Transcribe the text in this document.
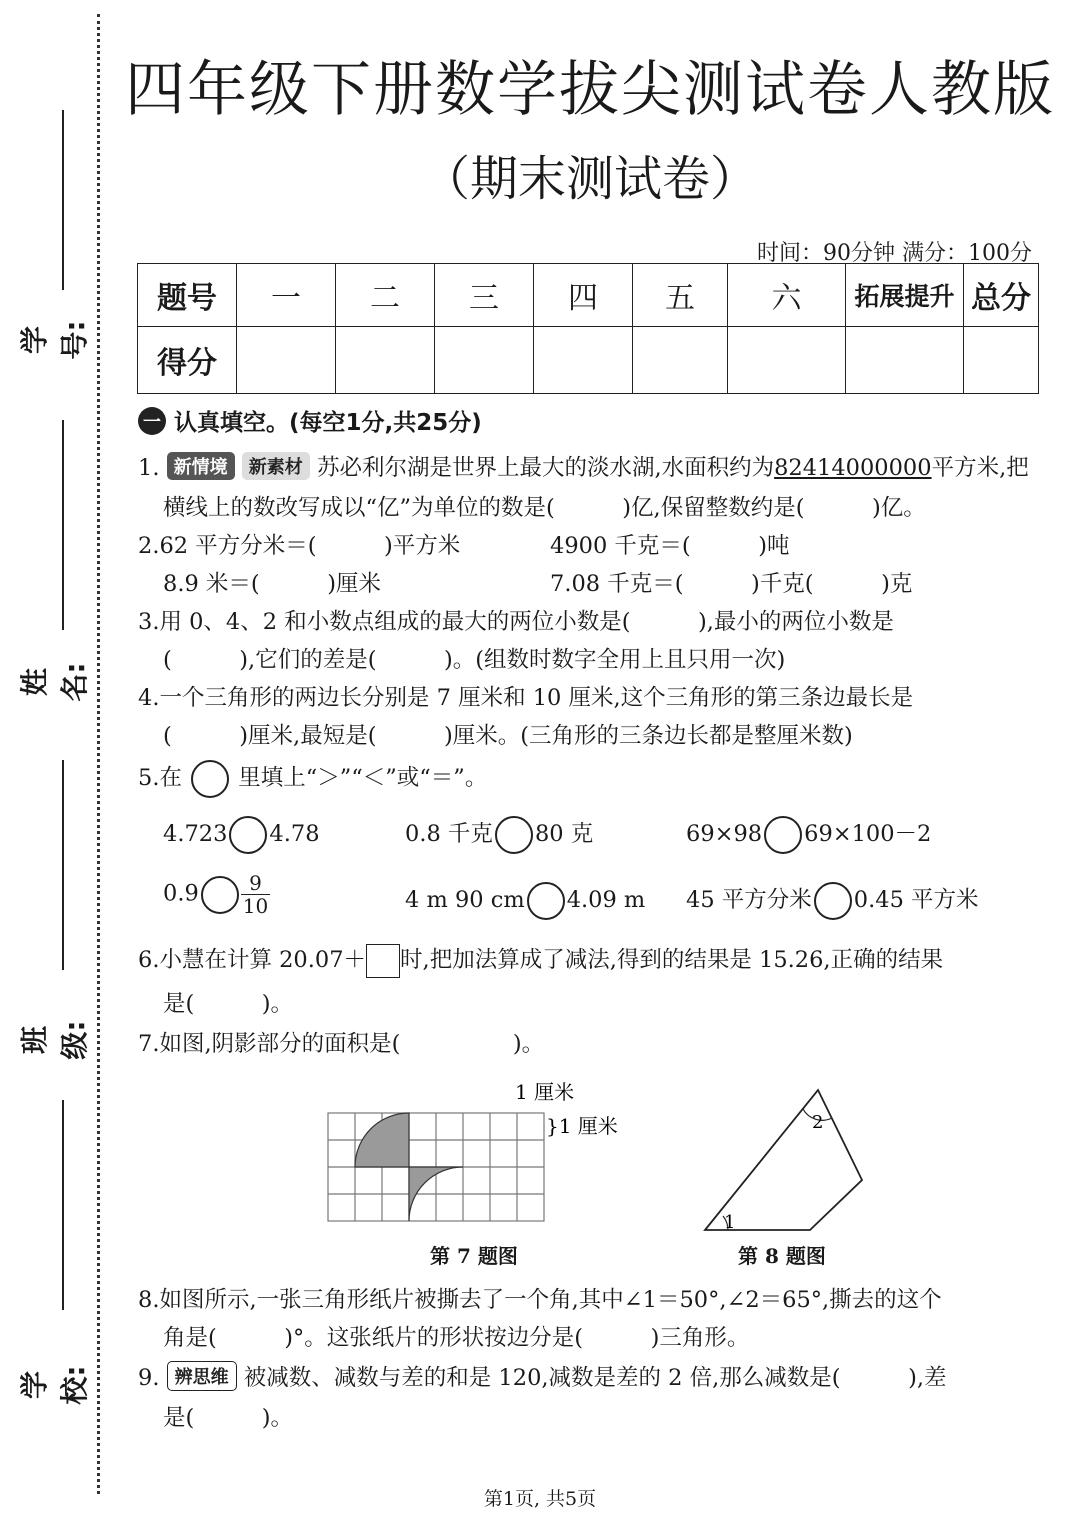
学号:
姓名:
班级:
学校:
四年级下册数学拔尖测试卷人教版
（期末测试卷）
时间：90分钟 满分：100分
题号	一	二	三	四	五	六	拓展提升	总分
得分								
一 认真填空。(每空1分,共25分)
1. 新情境 新素材 苏必利尔湖是世界上最大的淡水湖,水面积约为82414000000平方米,把
横线上的数改写成以“亿”为单位的数是(　　　)亿,保留整数约是(　　　)亿。
2.62 平方分米＝(　　　)平方米	4900 千克＝(　　　)吨
8.9 米＝(　　　)厘米	7.08 千克＝(　　　)千克(　　　)克
3.用 0、4、2 和小数点组成的最大的两位小数是(　　　),最小的两位小数是
(　　　),它们的差是(　　　)。(组数时数字全用上且只用一次)
4.一个三角形的两边长分别是 7 厘米和 10 厘米,这个三角形的第三条边最长是
(　　　)厘米,最短是(　　　)厘米。(三角形的三条边长都是整厘米数)
5.在	里填上“＞”“＜”或“＝”。
4.723 4.78	0.8 千克 80 克	69×98 69×100－2
$0.9 \frac{9}{10}$	4 m 90 cm 4.09 m 45 平方分米 0.45 平方米
6.小慧在计算 20.07＋ 时,把加法算成了减法,得到的结果是 15.26,正确的结果
是(　　　)。
7.如图,阴影部分的面积是(　　　　　)。
1 厘米
}1 厘米
第 7 题图
1
2
第 8 题图
8.如图所示,一张三角形纸片被撕去了一个角,其中∠1＝50°,∠2＝65°,撕去的这个
角是(　　　)°。这张纸片的形状按边分是(　　　)三角形。
9. 辨思维 被减数、减数与差的和是 120,减数是差的 2 倍,那么减数是(　　　),差
是(　　　)。
第1页, 共5页
